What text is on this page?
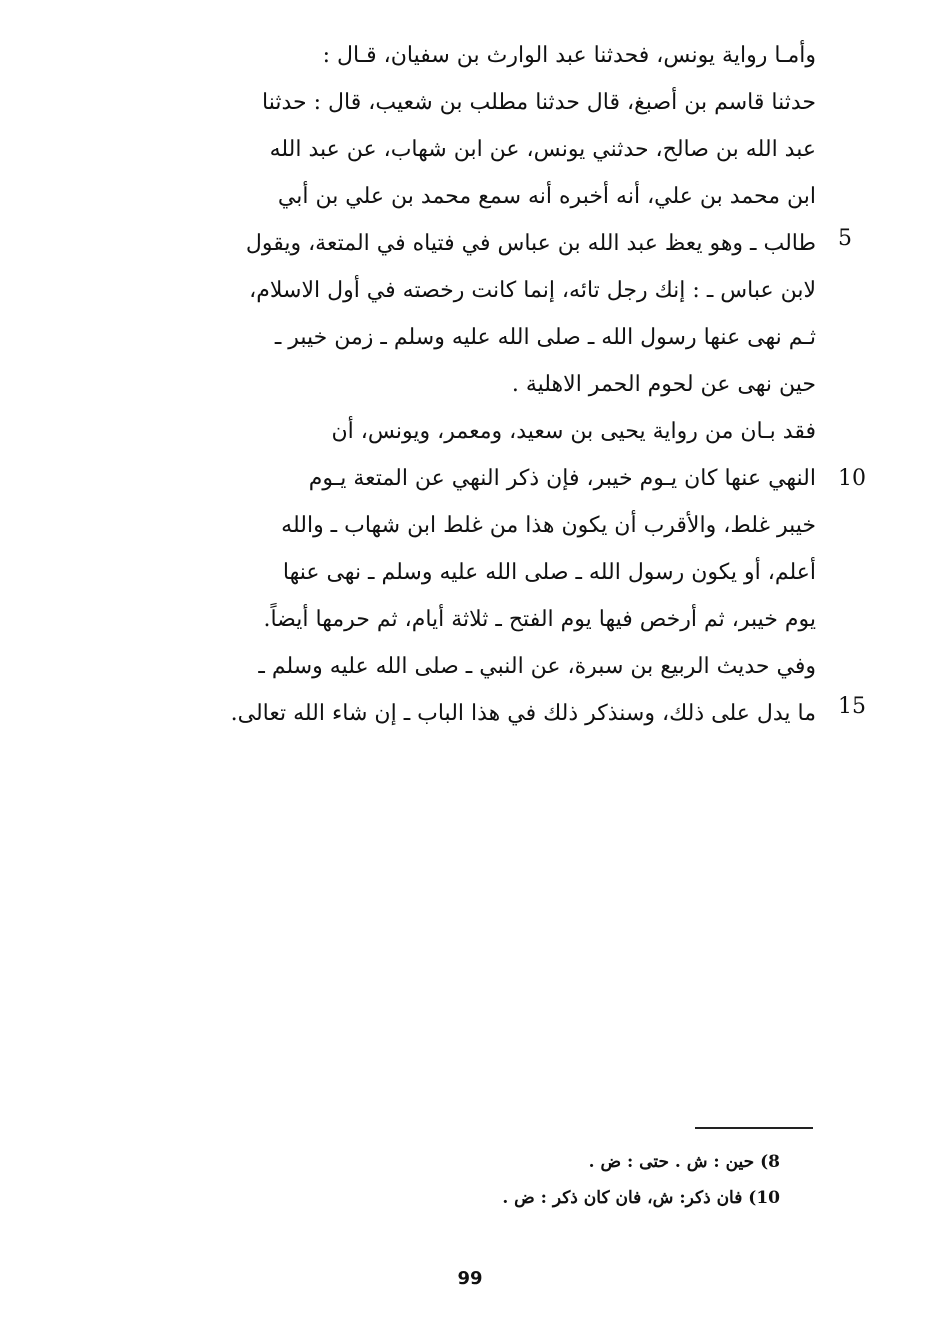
وأمـا رواية يونس، فحدثنا عبد الوارث بن سفيان، قـال :
حدثنا قاسم بن أصبغ، قال حدثنا مطلب بن شعيب، قال : حدثنا
عبد الله بن صالح، حدثني يونس، عن ابن شهاب، عن عبد الله
ابن محمد بن علي، أنه أخبره أنه سمع محمد بن علي بن أبي
طالب ـ وهو يعظ عبد الله بن عباس في فتياه في المتعة، ويقول
لابن عباس ـ : إنك رجل تائه، إنما كانت رخصته في أول الاسلام،
ثـم نهى عنها رسول الله ـ صلى الله عليه وسلم ـ زمن خيبر ـ
حين نهى عن لحوم الحمر الاهلية .
فقد بـان من رواية يحيى بن سعيد، ومعمر، ويونس، أن
النهي عنها كان يـوم خيبر، فإن ذكر النهي عن المتعة يـوم
خيبر غلط، والأقرب أن يكون هذا من غلط ابن شهاب ـ والله
أعلم، أو يكون رسول الله ـ صلى الله عليه وسلم ـ نهى عنها
يوم خيبر، ثم أرخص فيها يوم الفتح ـ ثلاثة أيام، ثم حرمها أيضاً.
وفي حديث الربيع بن سبرة، عن النبي ـ صلى الله عليه وسلم ـ
ما يدل على ذلك، وسنذكر ذلك في هذا الباب ـ إن شاء الله تعالى.
5
10
15
8) حين : ش . حتى : ض .
10) فان ذكر: ش، فان كان ذكر : ض .
99
